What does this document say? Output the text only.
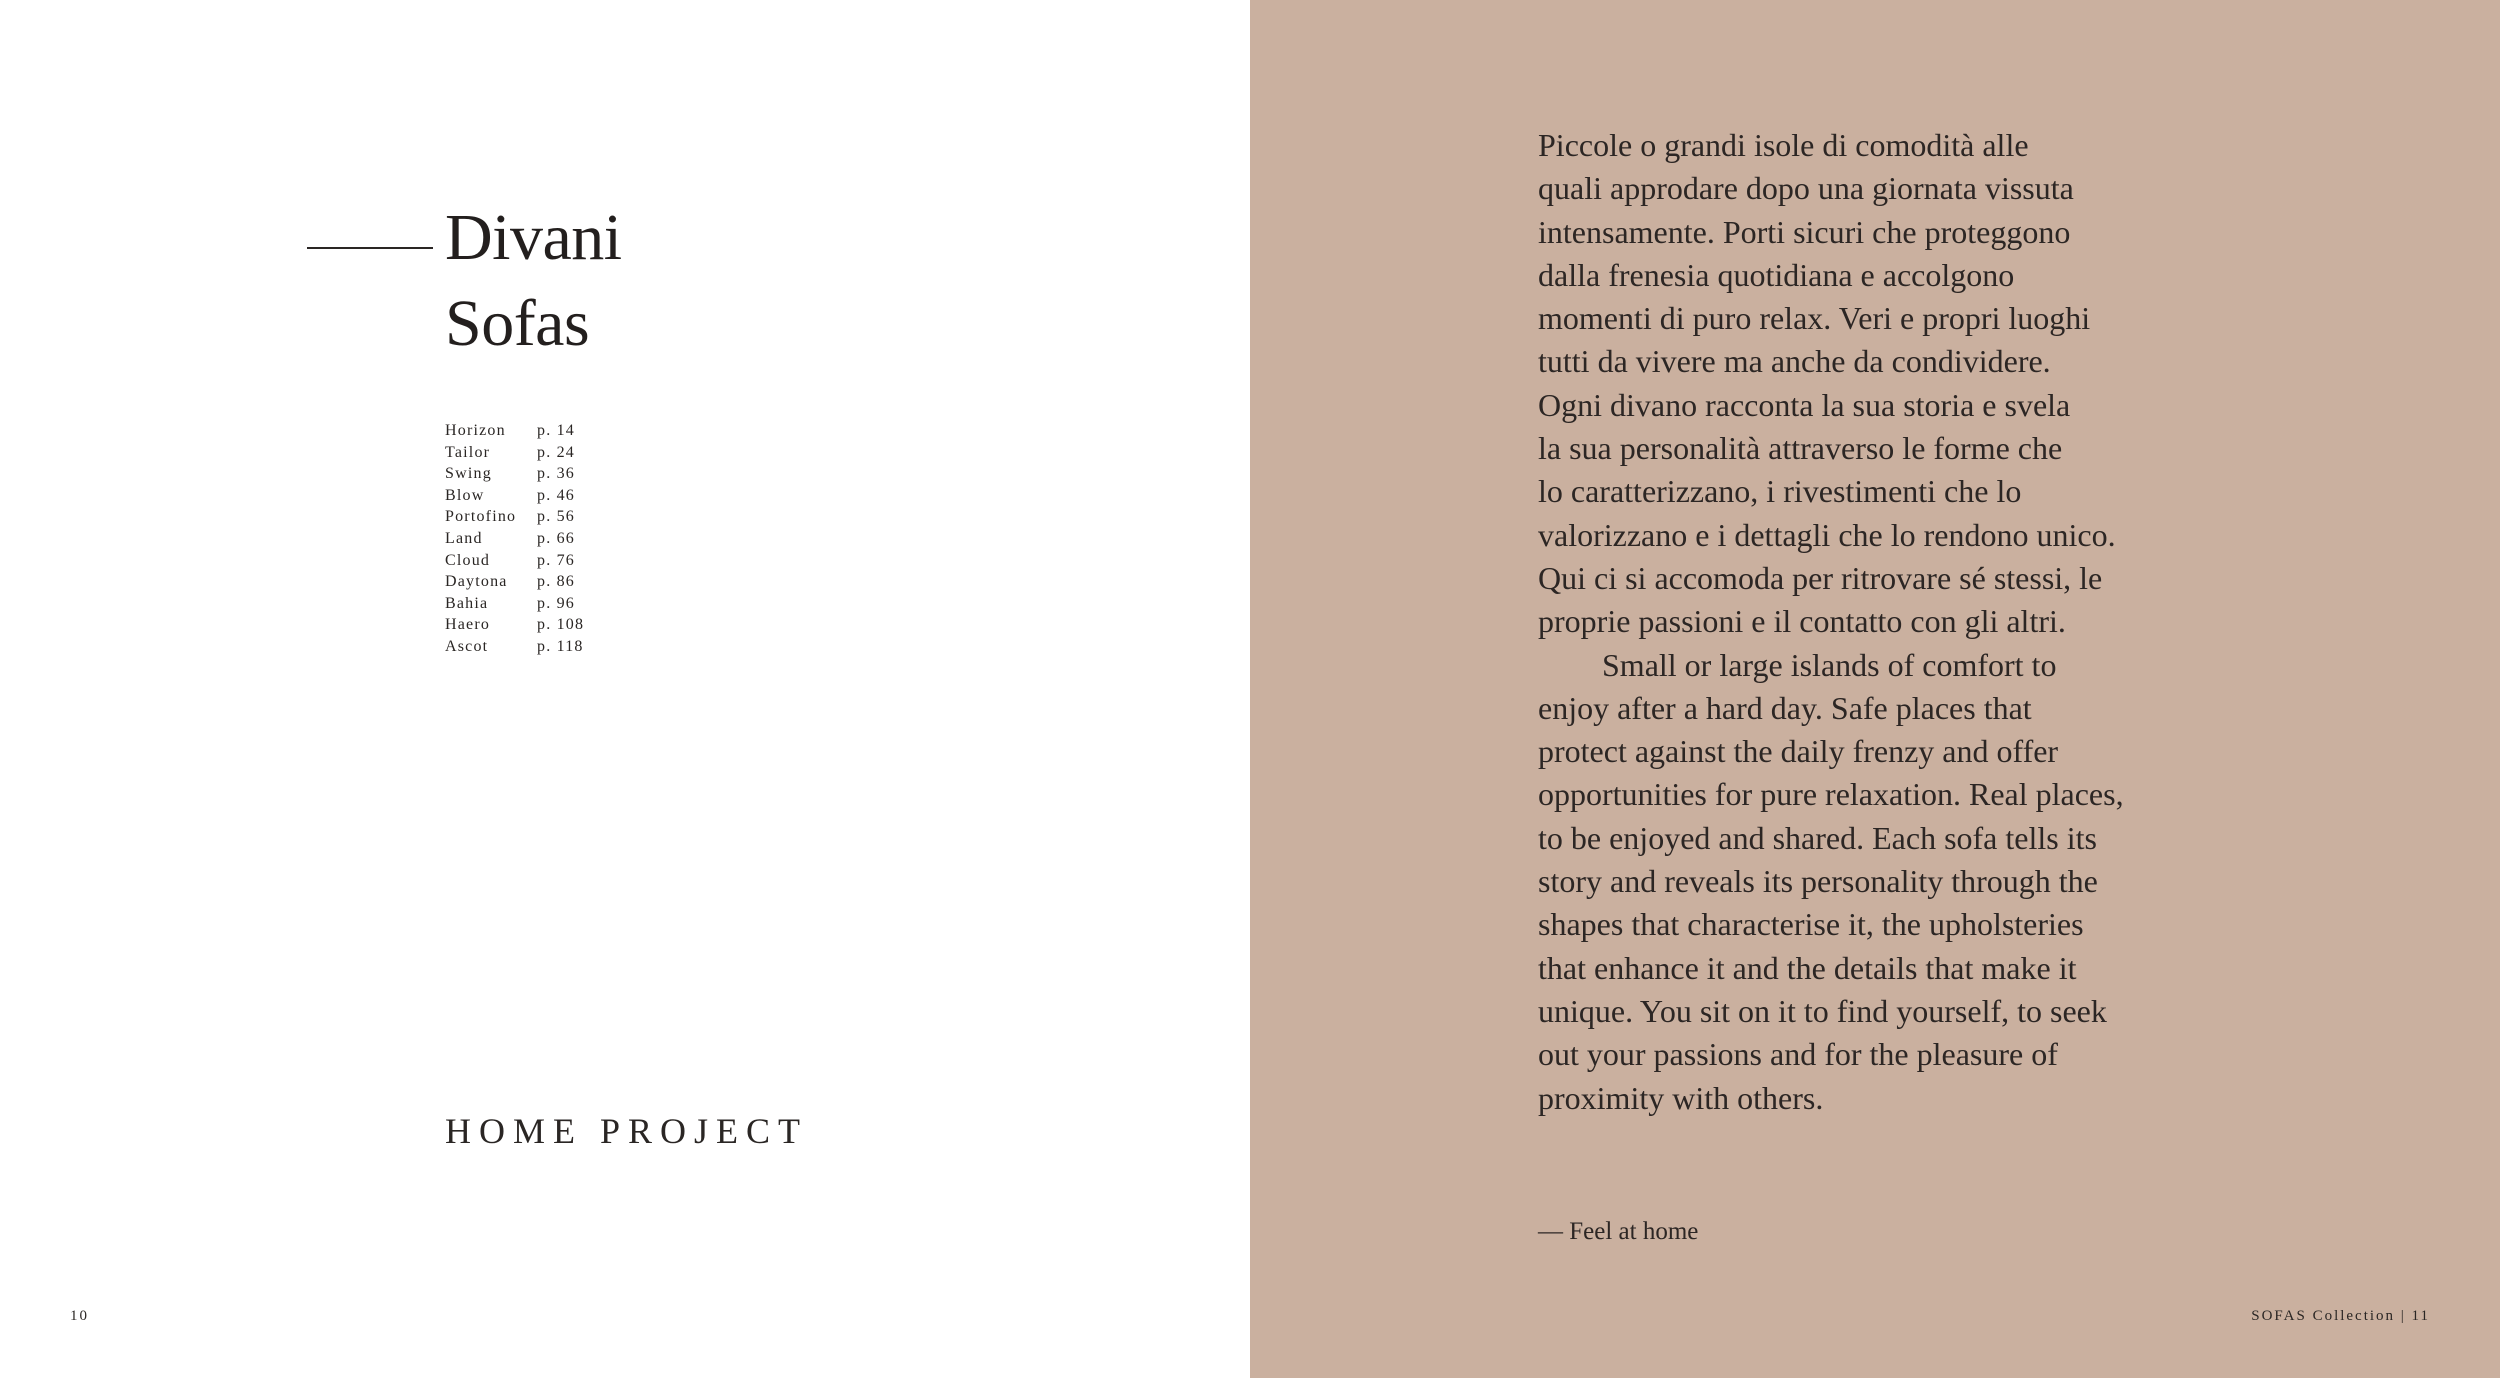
Divani
Sofas
Horizon	p. 14
Tailor	p. 24
Swing	p. 36
Blow	p. 46
Portofino	p. 56
Land	p. 66
Cloud	p. 76
Daytona	p. 86
Bahia	p. 96
Haero	p. 108
Ascot	p. 118
HOME PROJECT
10

Piccole o grandi isole di comodità alle
quali approdare dopo una giornata vissuta
intensamente. Porti sicuri che proteggono
dalla frenesia quotidiana e accolgono
momenti di puro relax. Veri e propri luoghi
tutti da vivere ma anche da condividere.
Ogni divano racconta la sua storia e svela
la sua personalità attraverso le forme che
lo caratterizzano, i rivestimenti che lo
valorizzano e i dettagli che lo rendono unico.
Qui ci si accomoda per ritrovare sé stessi, le
proprie passioni e il contatto con gli altri.

Small or large islands of comfort to
enjoy after a hard day. Safe places that
protect against the daily frenzy and offer
opportunities for pure relaxation. Real places,
to be enjoyed and shared. Each sofa tells its
story and reveals its personality through the
shapes that characterise it, the upholsteries
that enhance it and the details that make it
unique. You sit on it to find yourself, to seek
out your passions and for the pleasure of
proximity with others.

— Feel at home
SOFAS Collection | 11
